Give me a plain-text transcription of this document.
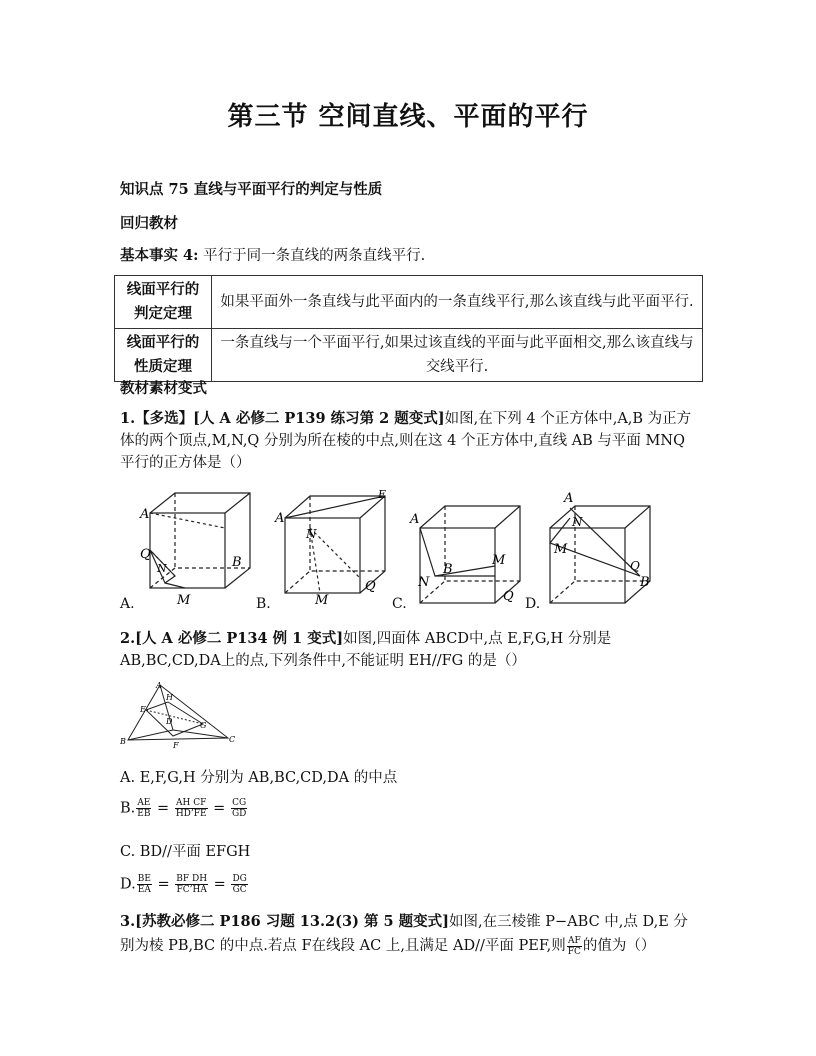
第三节 空间直线、平面的平行
知识点 75 直线与平面平行的判定与性质
回归教材
基本事实 4: 平行于同一条直线的两条直线平行.
线面平行的判定定理	如果平面外一条直线与此平面内的一条直线平行,那么该直线与此平面平行.
线面平行的性质定理	一条直线与一个平面平行,如果过该直线的平面与此平面相交,那么该直线与交线平行.
教材素材变式
1.【多选】[人 A 必修二 P139 练习第 2 题变式]如图,在下列 4 个正方体中,A,B 为正方体的两个顶点,M,N,Q 分别为所在棱的中点,则在这 4 个正方体中,直线 AB 与平面 MNQ 平行的正方体是（）
A
Q
B
M
N
A
E
N
Q
M
A
N
B
M
Q
A
N
M
Q
B
A.	B.	C.	D.
2.[人 A 必修二 P134 例 1 变式]如图,四面体 ABCD中,点 E,F,G,H 分别是AB,BC,CD,DA上的点,下列条件中,不能证明 EH//FG 的是（）
A
H
E
D	G
B	F
C
A. E,F,G,H 分别为 AB,BC,CD,DA 的中点
B. $\frac{AE}{EB} = \frac{\text{AH CF}}{HD’FE} = \frac{CG}{GD}$
C. BD//平面 EFGH
D. $\frac{BE}{EA} = \frac{\text{BF DH}}{FC’HA} = \frac{DG}{GC}$
3.[苏教必修二 P186 习题 13.2(3) 第 5 题变式]如图,在三棱锥 P−ABC 中,点 D,E 分别为棱 PB,BC 的中点.若点 F在线段 AC 上,且满足 AD//平面 PEF,则 $\frac{AF}{FC}$ 的值为（）
